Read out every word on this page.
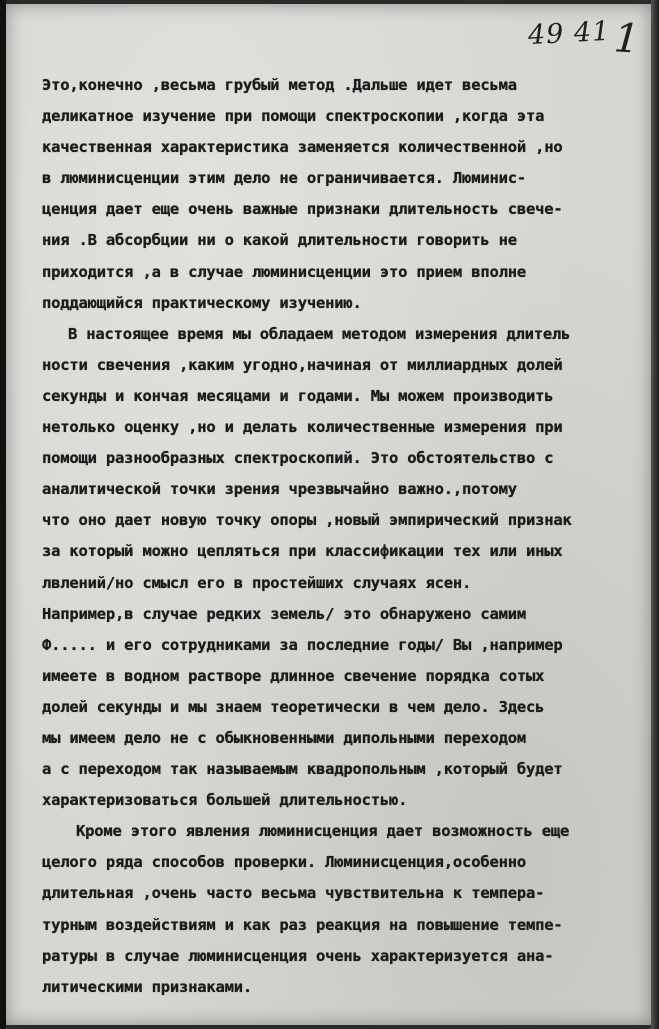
49 41 1
Это,конечно ,весьма грубый метод .Дальше идет весьма
деликатное изучение при помощи спектроскопии ,когда эта
качественная характеристика заменяется количественной ,но
в люминисценции этим дело не ограничивается. Люминис-
ценция дает еще очень важные признаки длительность свече-
ния .В абсорбции ни о какой длительности говорить не
приходится ,а в случае люминисценции это прием вполне
поддающийся практическому изучению.
В настоящее время мы обладаем методом измерения длитель
ности свечения ,каким угодно,начиная от миллиардных долей
секунды и кончая месяцами и годами. Мы можем производить
нетолько оценку ,но и делать количественные измерения при
помощи разнообразных спектроскопий. Это обстоятельство с
аналитической точки зрения чрезвычайно важно.,потому
что оно дает новую точку опоры ,новый эмпирический признак
за который можно цепляться при классификации тех или иных
лвлений/но смысл его в простейших случаях ясен.
Например,в случае редких земель/ это обнаружено самим
Ф..... и его сотрудниками за последние годы/ Вы ,например
имеете в водном растворе длинное свечение порядка сотых
долей секунды и мы знаем теоретически в чем дело. Здесь
мы имеем дело не с обыкновенными дипольными переходом
а с переходом так называемым квадропольным ,который будет
характеризоваться большей длительностью.
Кроме этого явления люминисценция дает возможность еще
целого ряда способов проверки. Люминисценция,особенно
длительная ,очень часто весьма чувствительна к темпера-
турным воздействиям и как раз реакция на повышение темпе-
ратуры в случае люминисценция очень характеризуется ана-
литическими признаками.
